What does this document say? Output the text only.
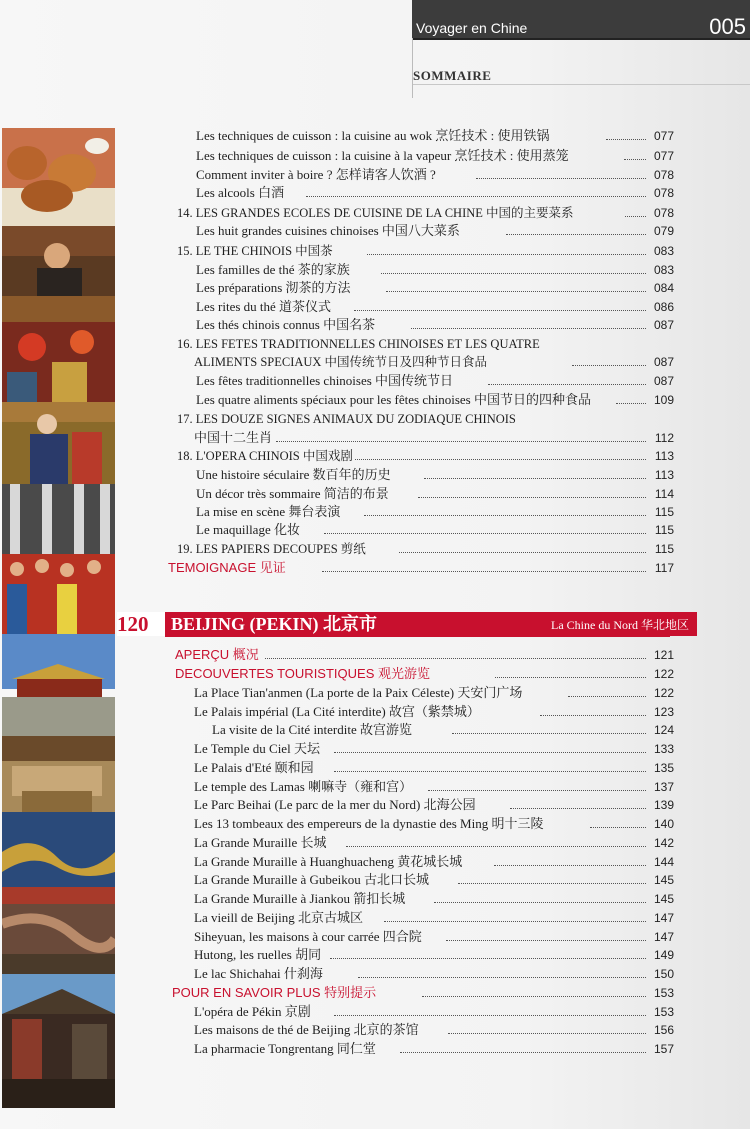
Voyager en Chine	005
SOMMAIRE
Les techniques de cuisson : la cuisine au wok 烹饪技术 : 使用铁锅	077
Les techniques de cuisson : la cuisine à la vapeur 烹饪技术 : 使用蒸笼	077
Comment inviter à boire ? 怎样请客人饮酒 ?	078
Les alcools 白酒	078
14. LES GRANDES ECOLES DE CUISINE DE LA CHINE 中国的主要菜系	078
Les huit grandes cuisines chinoises 中国八大菜系	079
15. LE THE CHINOIS 中国茶	083
Les familles de thé 茶的家族	083
Les préparations 沏茶的方法	084
Les rites du thé 道茶仪式	086
Les thés chinois connus 中国名茶	087
16. LES FETES TRADITIONNELLES CHINOISES ET LES QUATRE
ALIMENTS SPECIAUX 中国传统节日及四种节日食品	087
Les fêtes traditionnelles chinoises 中国传统节日	087
Les quatre aliments spéciaux pour les fêtes chinoises 中国节日的四种食品	109
17. LES DOUZE SIGNES ANIMAUX DU ZODIAQUE CHINOIS
中国十二生肖	112
18. L'OPERA CHINOIS 中国戏剧	113
Une histoire séculaire 数百年的历史	113
Un décor très sommaire 简洁的布景	114
La mise en scène 舞台表演	115
Le maquillage 化妆	115
19. LES PAPIERS DECOUPES 剪纸	115
TEMOIGNAGE 见证	117
120	BEIJING (PEKIN) 北京市	La Chine du Nord 华北地区
APERÇU 概况	121
DECOUVERTES TOURISTIQUES 观光游览	122
La Place Tian'anmen (La porte de la Paix Céleste) 天安门广场	122
Le Palais impérial (La Cité interdite) 故宫（紫禁城）	123
La visite de la Cité interdite 故宫游览	124
Le Temple du Ciel 天坛	133
Le Palais d'Eté 颐和园	135
Le temple des Lamas 喇嘛寺（雍和宫）	137
Le Parc Beihai (Le parc de la mer du Nord) 北海公园	139
Les 13 tombeaux des empereurs de la dynastie des Ming 明十三陵	140
La Grande Muraille 长城	142
La Grande Muraille à Huanghuacheng 黄花城长城	144
La Grande Muraille à Gubeikou 古北口长城	145
La Grande Muraille à Jiankou 箭扣长城	145
La vieill de Beijing 北京古城区	147
Siheyuan, les maisons à cour carrée 四合院	147
Hutong, les ruelles 胡同	149
Le lac Shichahai 什刹海	150
POUR EN SAVOIR PLUS 特别提示	153
L'opéra de Pékin 京剧	153
Les maisons de thé de Beijing 北京的茶馆	156
La pharmacie Tongrentang 同仁堂	157
